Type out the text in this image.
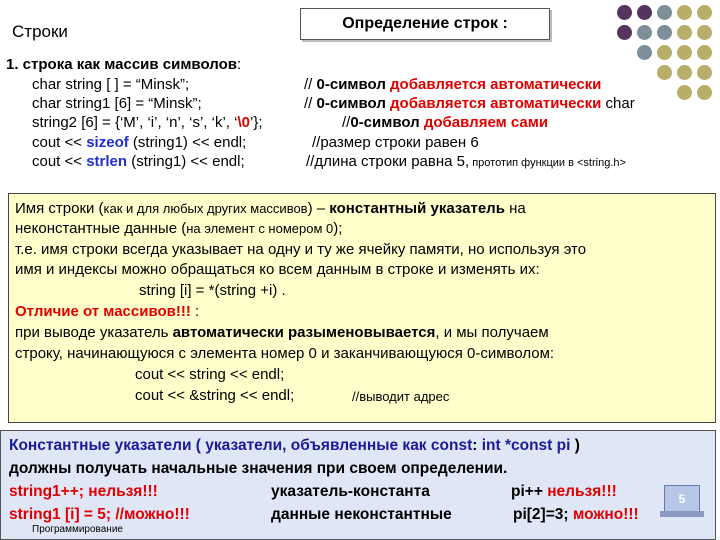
Строки	Определение строк :
1. строка как массив символов:
char string [ ] = “Minsk”;	// 0-символ добавляется автоматически
char string1 [6] = “Minsk”;	// 0-символ добавляется автоматически char
string2 [6] = {‘M’, ‘i’, ‘n’, ‘s’, ‘k’, ‘\0’};	//0-символ добавляем сами
cout << sizeof (string1) << endl;	//размер строки равен 6
cout << strlen (string1) << endl;	//длина строки равна 5, прототип функции в <string.h>
Имя строки (как и для любых других массивов) – константный указатель на
неконстантные данные (на элемент с номером 0);
т.е. имя строки всегда указывает на одну и ту же ячейку памяти, но используя это
имя и индексы можно обращаться ко всем данным в строке и изменять их:
string [i] = *(string +i) .
Отличие от массивов!!! :
при выводе указатель автоматически разыменовывается, и мы получаем
строку, начинающуюся с элемента номер 0 и заканчивающуюся 0-символом:
cout << string << endl;
cout << &string << endl;	//выводит адрес
Константные указатели ( указатели, объявленные как const: int *const pi )
должны получать начальные значения при своем определении.
string1++; нельзя!!!	указатель-константа	pi++ нельзя!!!
string1 [i] = 5; //можно!!!	данные неконстантные	pi[2]=3; можно!!!
5
Программирование
